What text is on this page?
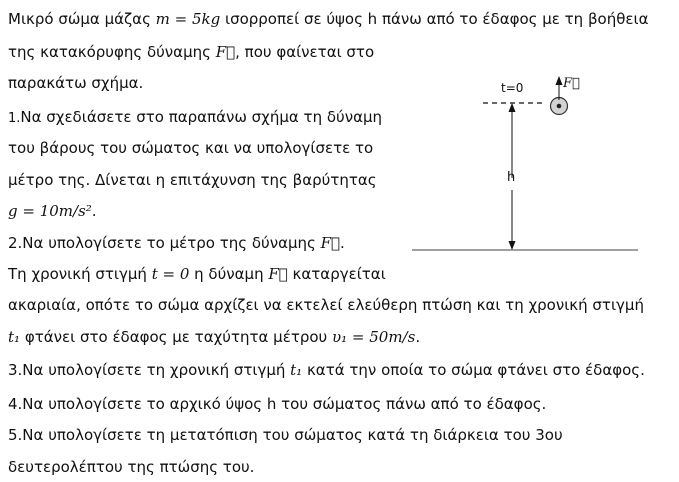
Μικρό σώμα μάζας m = 5kg ισορροπεί σε ύψος h πάνω από το έδαφος με τη βοήθεια
της κατακόρυφης δύναμης F⃗, που φαίνεται στο
παρακάτω σχήμα.
1.Να σχεδιάσετε στο παραπάνω σχήμα τη δύναμη
του βάρους του σώματος και να υπολογίσετε το
μέτρο της. Δίνεται η επιτάχυνση της βαρύτητας
g = 10m/s².
2.Να υπολογίσετε το μέτρο της δύναμης F⃗.
Τη χρονική στιγμή t = 0 η δύναμη F⃗ καταργείται
ακαριαία, οπότε το σώμα αρχίζει να εκτελεί ελεύθερη πτώση και τη χρονική στιγμή
t₁ φτάνει στο έδαφος με ταχύτητα μέτρου υ₁ = 50m/s.
3.Να υπολογίσετε τη χρονική στιγμή t₁ κατά την οποία το σώμα φτάνει στο έδαφος.
4.Να υπολογίσετε το αρχικό ύψος h του σώματος πάνω από το έδαφος.
5.Να υπολογίσετε τη μετατόπιση του σώματος κατά τη διάρκεια του 3ου
δευτερολέπτου της πτώσης του.
t=0	F⃗
h
